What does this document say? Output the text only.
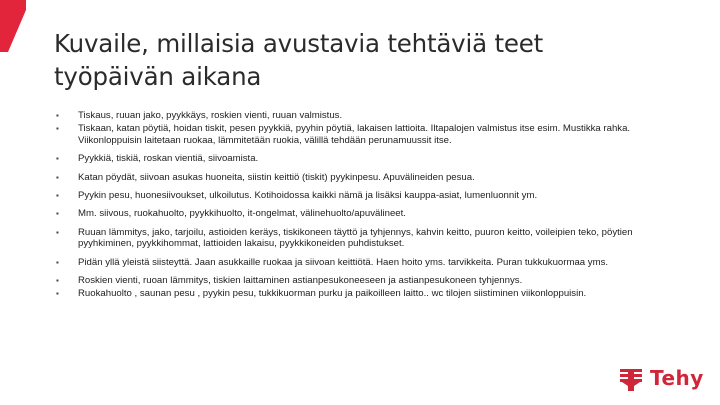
Kuvaile, millaisia avustavia tehtäviä teet
työpäivän aikana
▪ Tiskaus, ruuan jako, pyykkäys, roskien vienti, ruuan valmistus.
▪ Tiskaan, katan pöytiä, hoidan tiskit, pesen pyykkiä, pyyhin pöytiä, lakaisen lattioita. Iltapalojen valmistus itse esim. Mustikka rahka. Viikonloppuisin laitetaan ruokaa, lämmitetään ruokia, välillä tehdään perunamuussit itse.
▪ Pyykkiä, tiskiä, roskan vientiä, siivoamista.
▪ Katan pöydät, siivoan asukas huoneita, siistin keittiö (tiskit) pyykinpesu. Apuvälineiden pesua.
▪ Pyykin pesu, huonesiivoukset, ulkoilutus. Kotihoidossa kaikki nämä ja lisäksi kauppa-asiat, lumenluonnit ym.
▪ Mm. siivous, ruokahuolto, pyykkihuolto, it-ongelmat, välinehuolto/apuvälineet.
▪ Ruuan lämmitys, jako, tarjoilu, astioiden keräys, tiskikoneen täyttö ja tyhjennys, kahvin keitto, puuron keitto, voileipien teko, pöytien pyyhkiminen, pyykkihommat, lattioiden lakaisu, pyykkikoneiden puhdistukset.
▪ Pidän yllä yleistä siisteyttä. Jaan asukkaille ruokaa ja siivoan keittiötä. Haen hoito yms. tarvikkeita. Puran tukkukuormaa yms.
▪ Roskien vienti, ruoan lämmitys, tiskien laittaminen astianpesukoneeseen ja astianpesukoneen tyhjennys.
▪ Ruokahuolto , saunan pesu , pyykin pesu, tukkikuorman purku ja paikoilleen laitto.. wc tilojen siistiminen viikonloppuisin.
Tehy
